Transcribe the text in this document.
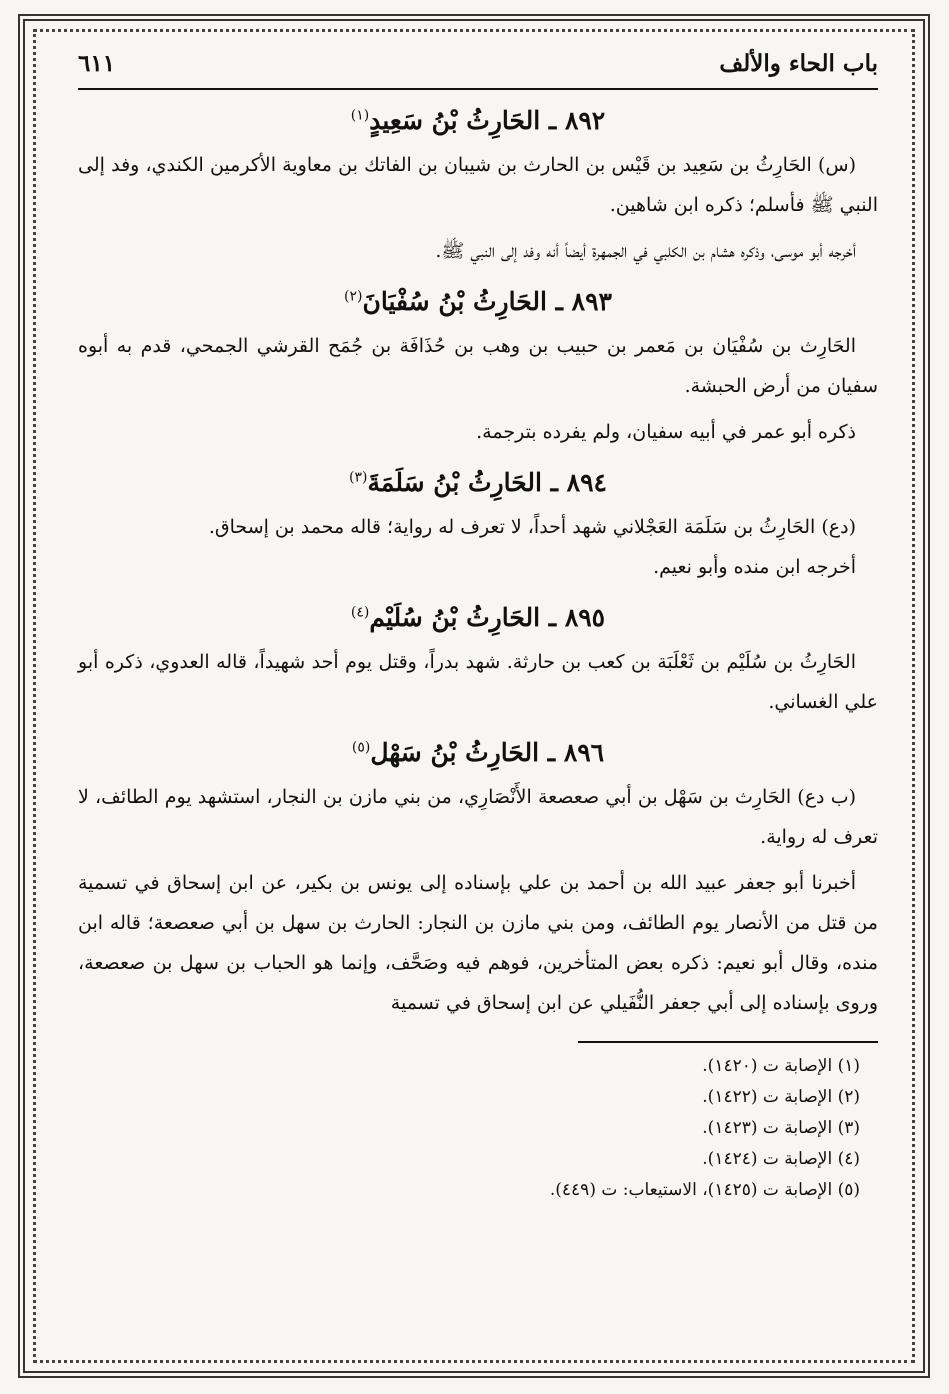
باب الحاء والألف
٦١١
٨٩٢ ـ الحَارِثُ بْنُ سَعِيدٍ$^{(١)}$

(س) الحَارِثُ بن سَعِيد بن قَيْس بن الحارث بن شيبان بن الفاتك بن معاوية الأكرمين الكندي، وفد إلى النبي ﷺ فأسلم؛ ذكره ابن شاهين.

أخرجه أبو موسى، وذكره هشام بن الكلبي في الجمهرة أيضاً أنه وفد إلى النبي ﷺ.

٨٩٣ ـ الحَارِثُ بْنُ سُفْيَانَ$^{(٢)}$

الحَارِث بن سُفْيَان بن مَعمر بن حبيب بن وهب بن حُذَافَة بن جُمَح القرشي الجمحي، قدم به أبوه سفيان من أرض الحبشة.

ذكره أبو عمر في أبيه سفيان، ولم يفرده بترجمة.

٨٩٤ ـ الحَارِثُ بْنُ سَلَمَةَ$^{(٣)}$

(دع) الحَارِثُ بن سَلَمَة العَجْلاني شهد أحداً، لا تعرف له رواية؛ قاله محمد بن إسحاق.

أخرجه ابن منده وأبو نعيم.

٨٩٥ ـ الحَارِثُ بْنُ سُلَيْم$^{(٤)}$

الحَارِثُ بن سُلَيْم بن ثَعْلَبَة بن كعب بن حارثة. شهد بدراً، وقتل يوم أحد شهيداً، قاله العدوي، ذكره أبو علي الغساني.

٨٩٦ ـ الحَارِثُ بْنُ سَهْل$^{(٥)}$

(ب دع) الحَارِث بن سَهْل بن أبي صعصعة الأَنْصَارِي، من بني مازن بن النجار، استشهد يوم الطائف، لا تعرف له رواية.

أخبرنا أبو جعفر عبيد الله بن أحمد بن علي بإسناده إلى يونس بن بكير، عن ابن إسحاق في تسمية من قتل من الأنصار يوم الطائف، ومن بني مازن بن النجار: الحارث بن سهل بن أبي صعصعة؛ قاله ابن منده، وقال أبو نعيم: ذكره بعض المتأخرين، فوهم فيه وصَحَّف، وإنما هو الحباب بن سهل بن صعصعة، وروى بإسناده إلى أبي جعفر النُّفَيلي عن ابن إسحاق في تسمية

(١) الإصابة ت (١٤٢٠).
(٢) الإصابة ت (١٤٢٢).
(٣) الإصابة ت (١٤٢٣).
(٤) الإصابة ت (١٤٢٤).
(٥) الإصابة ت (١٤٢٥)، الاستيعاب: ت (٤٤٩).
